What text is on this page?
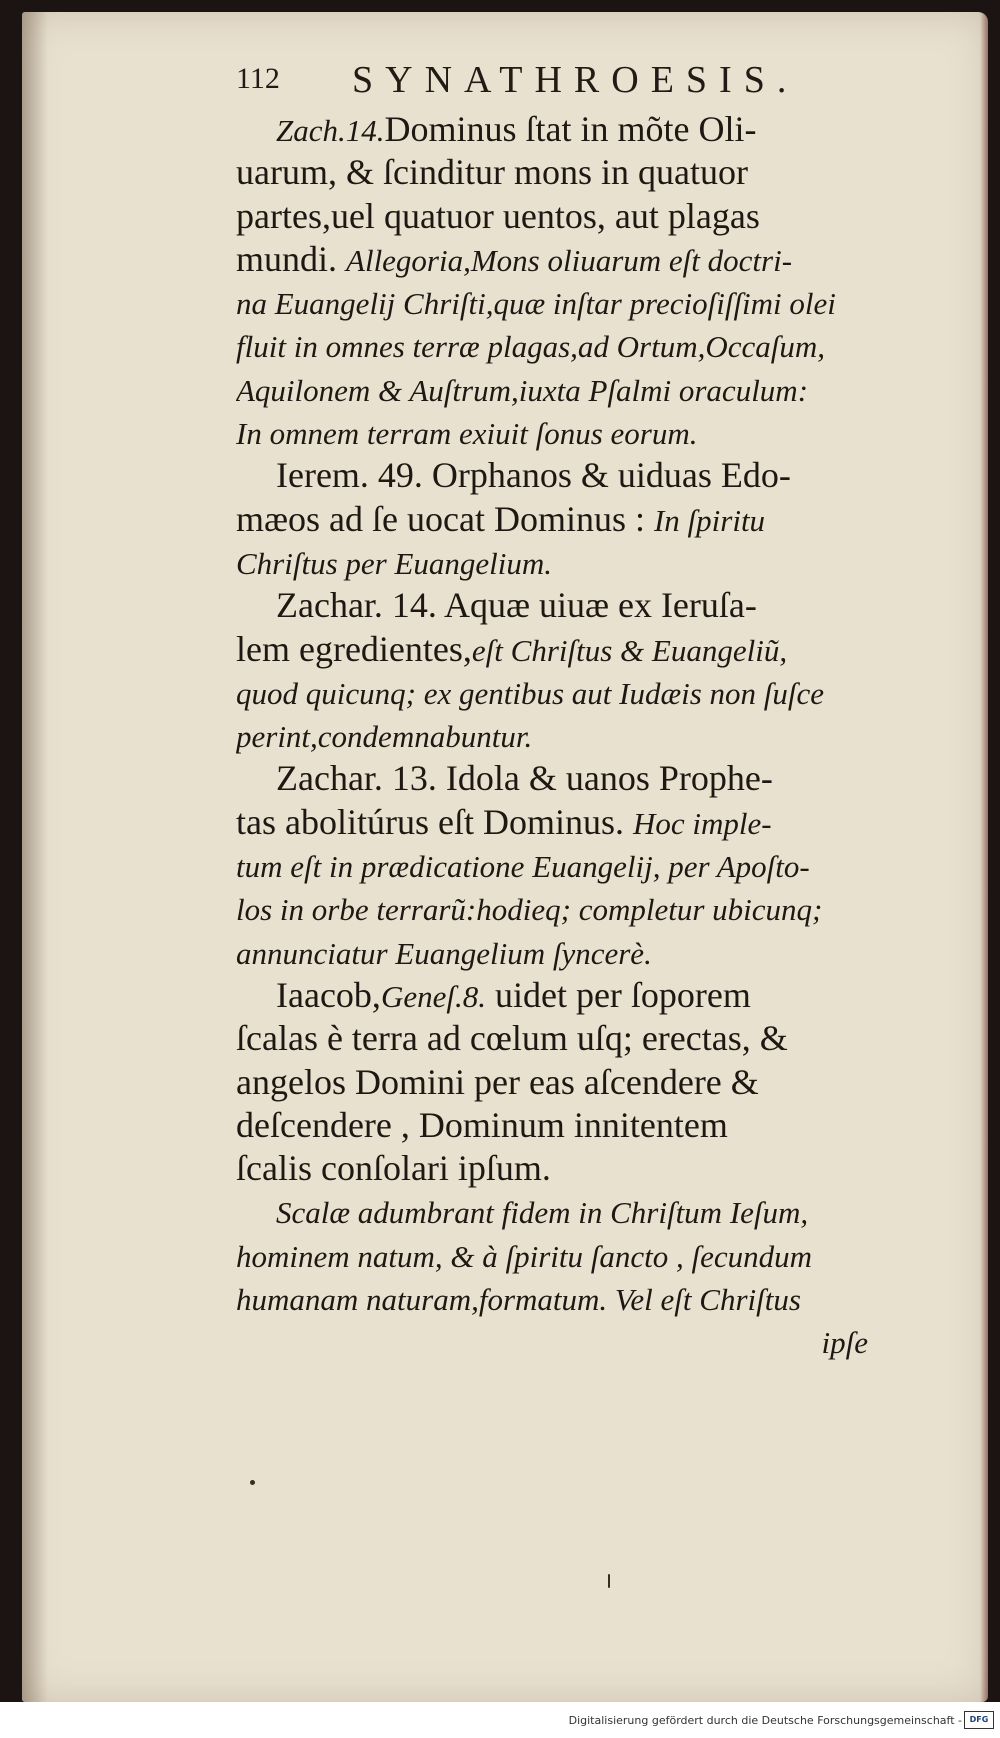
112 SYNATHROESIS.
Zach.14.Dominus ſtat in mõte Oli-
uarum, & ſcinditur mons in quatuor
partes,uel quatuor uentos, aut plagas
mundi. Allegoria,Mons oliuarum eſt doctri-
na Euangelij Chriſti,quæ inſtar precioſiſſimi olei
fluit in omnes terræ plagas,ad Ortum,Occaſum,
Aquilonem & Auſtrum,iuxta Pſalmi oraculum:
In omnem terram exiuit ſonus eorum.
Ierem. 49. Orphanos & uiduas Edo-
mæos ad ſe uocat Dominus : In ſpiritu
Chriſtus per Euangelium.
Zachar. 14. Aquæ uiuæ ex Ieruſa-
lem egredientes,eſt Chriſtus & Euangeliũ,
quod quicunq; ex gentibus aut Iudæis non ſuſce
perint,condemnabuntur.
Zachar. 13. Idola & uanos Prophe-
tas abolitúrus eſt Dominus. Hoc imple-
tum eſt in prædicatione Euangelij, per Apoſto-
los in orbe terrarũ:hodieq; completur ubicunq;
annunciatur Euangelium ſyncerè.
Iaacob,Geneſ.8. uidet per ſoporem
ſcalas è terra ad cœlum uſq; erectas, &
angelos Domini per eas aſcendere &
deſcendere , Dominum innitentem
ſcalis conſolari ipſum.
Scalæ adumbrant fidem in Chriſtum Ieſum,
hominem natum, & à ſpiritu ſancto , ſecundum
humanam naturam,formatum. Vel eſt Chriſtus
ipſe
Digitalisierung gefördert durch die Deutsche Forschungsgemeinschaft - DFG
